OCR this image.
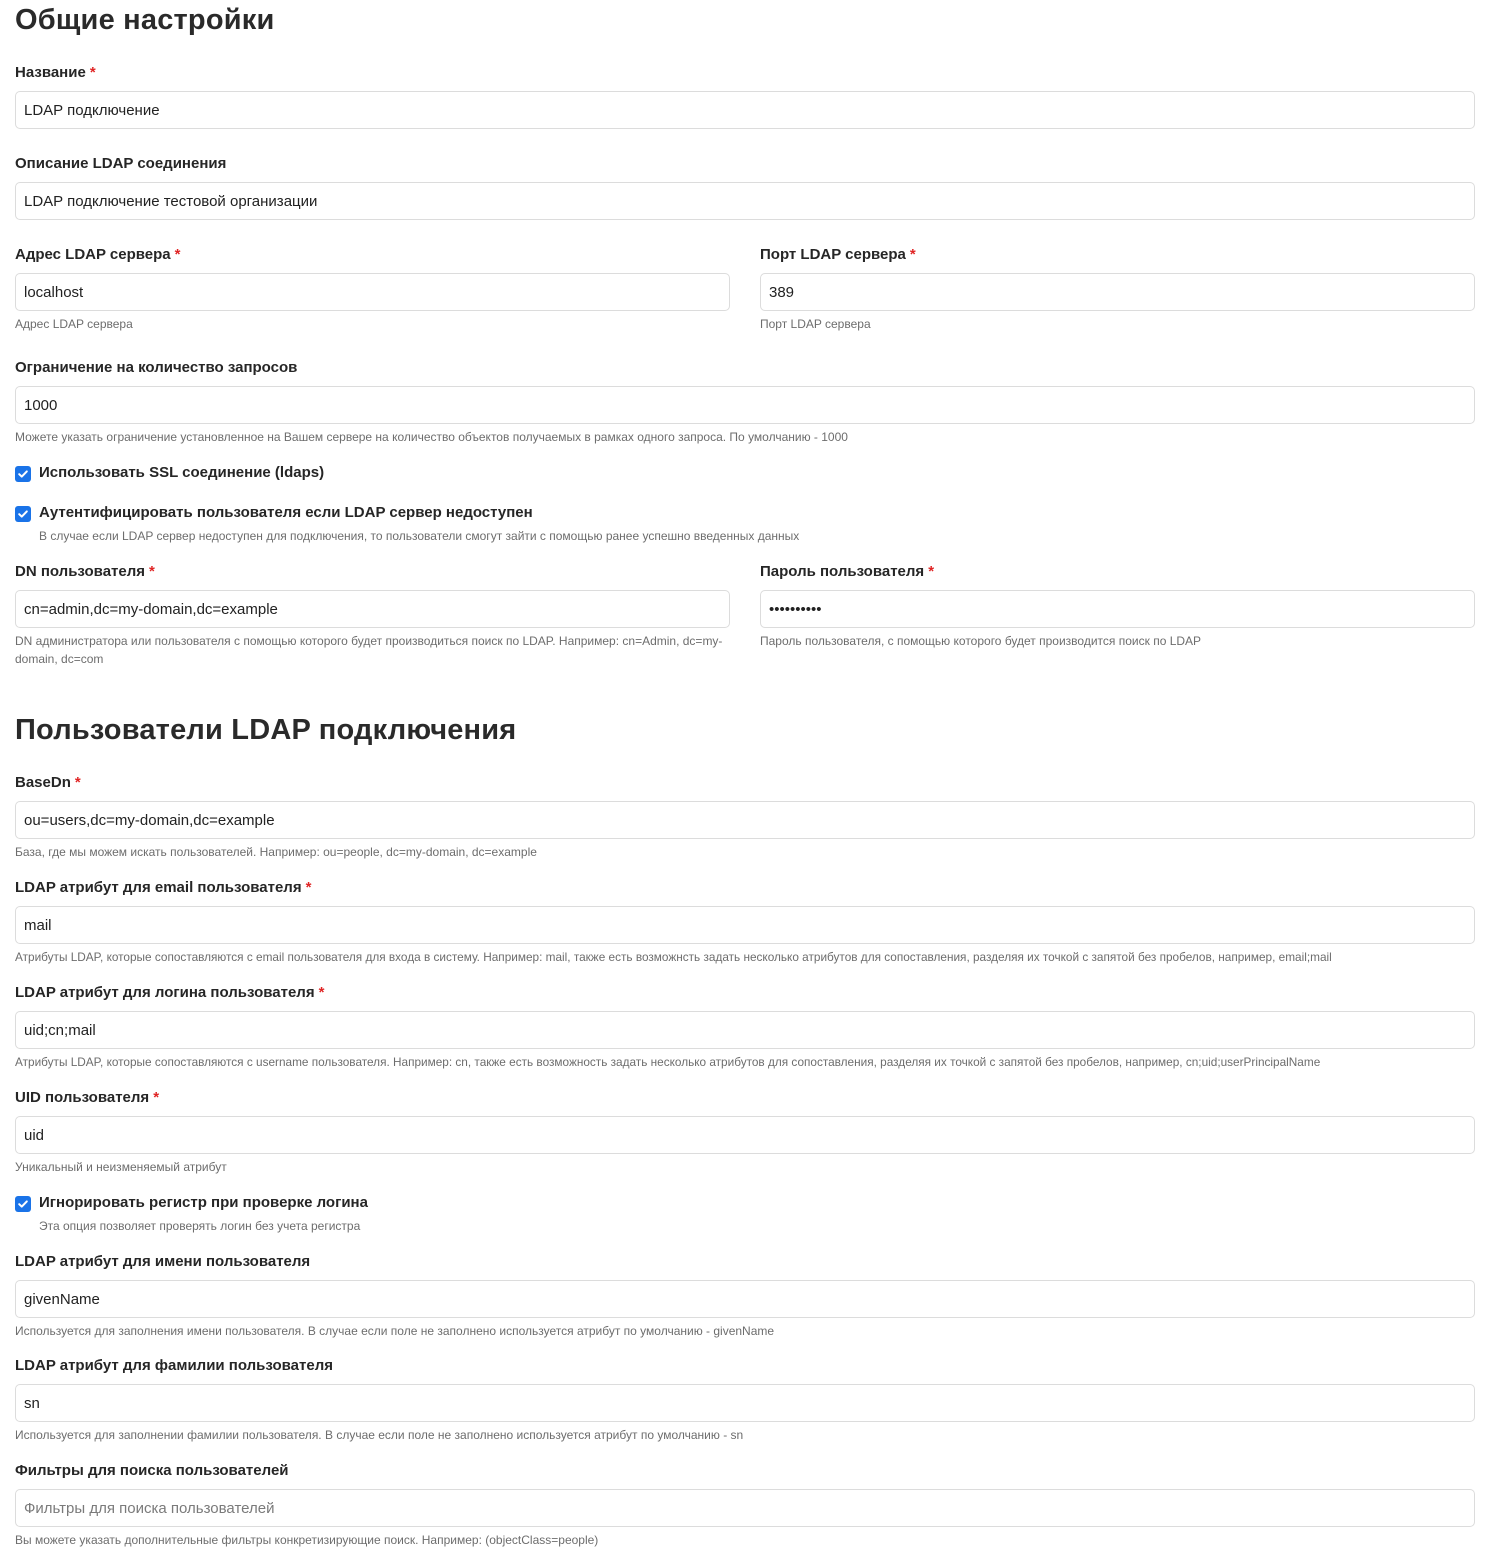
Общие настройки
Название *
LDAP подключение
Описание LDAP соединения
LDAP подключение тестовой организации
Адрес LDAP сервера *
localhost
Адрес LDAP сервера
Порт LDAP сервера *
389
Порт LDAP сервера
Ограничение на количество запросов
1000
Можете указать ограничение установленное на Вашем сервере на количество объектов получаемых в рамках одного запроса. По умолчанию - 1000
Использовать SSL соединение (ldaps)
Аутентифицировать пользователя если LDAP сервер недоступен
В случае если LDAP сервер недоступен для подключения, то пользователи смогут зайти с помощью ранее успешно введенных данных
DN пользователя *
cn=admin,dc=my-domain,dc=example
DN администратора или пользователя с помощью которого будет производиться поиск по LDAP. Например: cn=Admin, dc=my-domain, dc=com
Пароль пользователя *
••••••••••
Пароль пользователя, с помощью которого будет производится поиск по LDAP
Пользователи LDAP подключения
BaseDn *
ou=users,dc=my-domain,dc=example
База, где мы можем искать пользователей. Например: ou=people, dc=my-domain, dc=example
LDAP атрибут для email пользователя *
mail
Атрибуты LDAP, которые сопоставляются с email пользователя для входа в систему. Например: mail, также есть возможнсть задать несколько атрибутов для сопоставления, разделяя их точкой с запятой без пробелов, например, email;mail
LDAP атрибут для логина пользователя *
uid;cn;mail
Атрибуты LDAP, которые сопоставляются с username пользователя. Например: cn, также есть возможность задать несколько атрибутов для сопоставления, разделяя их точкой с запятой без пробелов, например, cn;uid;userPrincipalName
UID пользователя *
uid
Уникальный и неизменяемый атрибут
Игнорировать регистр при проверке логина
Эта опция позволяет проверять логин без учета регистра
LDAP атрибут для имени пользователя
givenName
Используется для заполнения имени пользователя. В случае если поле не заполнено используется атрибут по умолчанию - givenName
LDAP атрибут для фамилии пользователя
sn
Используется для заполнении фамилии пользователя. В случае если поле не заполнено используется атрибут по умолчанию - sn
Фильтры для поиска пользователей
Фильтры для поиска пользователей
Вы можете указать дополнительные фильтры конкретизирующие поиск. Например: (objectClass=people)
